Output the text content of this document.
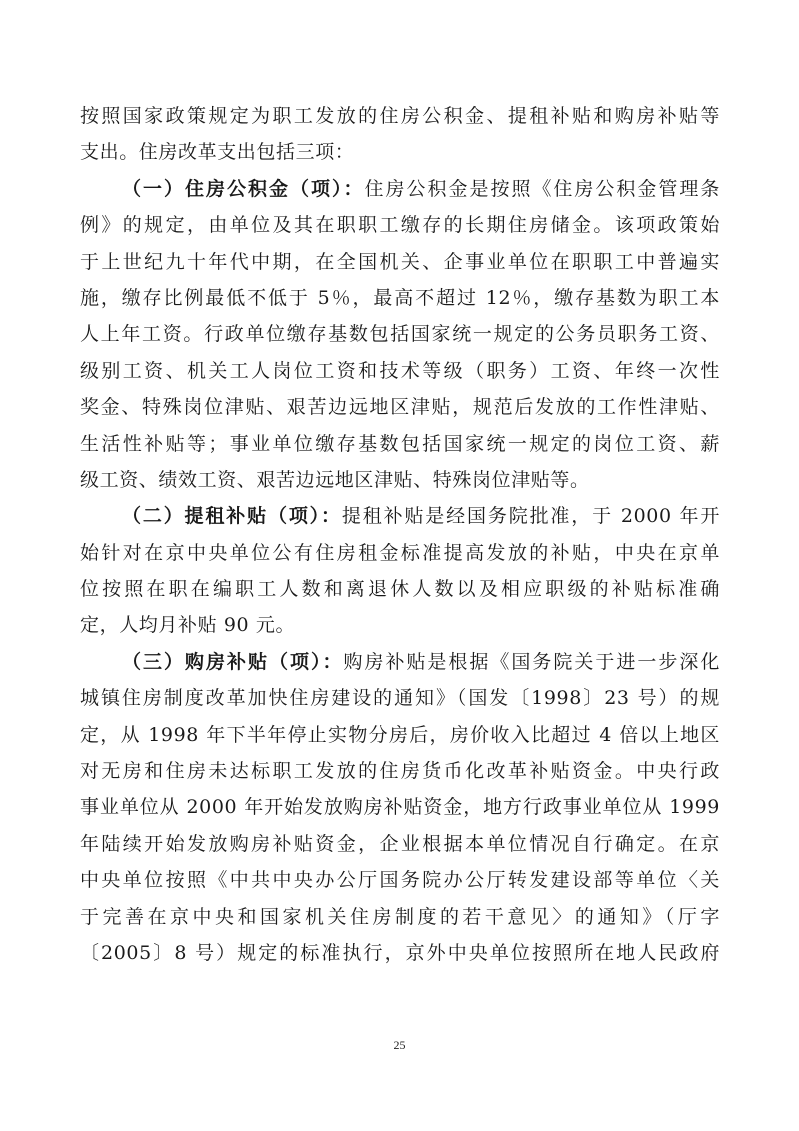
按照国家政策规定为职工发放的住房公积金、提租补贴和购房补贴等
支出。住房改革支出包括三项：
（一）住房公积金（项）：住房公积金是按照《住房公积金管理条
例》的规定，由单位及其在职职工缴存的长期住房储金。该项政策始
于上世纪九十年代中期，在全国机关、企事业单位在职职工中普遍实
施，缴存比例最低不低于 5％，最高不超过 12％，缴存基数为职工本
人上年工资。行政单位缴存基数包括国家统一规定的公务员职务工资、
级别工资、机关工人岗位工资和技术等级（职务）工资、年终一次性
奖金、特殊岗位津贴、艰苦边远地区津贴，规范后发放的工作性津贴、
生活性补贴等；事业单位缴存基数包括国家统一规定的岗位工资、薪
级工资、绩效工资、艰苦边远地区津贴、特殊岗位津贴等。
（二）提租补贴（项）：提租补贴是经国务院批准，于 2000 年开
始针对在京中央单位公有住房租金标准提高发放的补贴，中央在京单
位按照在职在编职工人数和离退休人数以及相应职级的补贴标准确
定，人均月补贴 90 元。
（三）购房补贴（项）：购房补贴是根据《国务院关于进一步深化
城镇住房制度改革加快住房建设的通知》（国发〔1998〕23 号）的规
定，从 1998 年下半年停止实物分房后，房价收入比超过 4 倍以上地区
对无房和住房未达标职工发放的住房货币化改革补贴资金。中央行政
事业单位从 2000 年开始发放购房补贴资金，地方行政事业单位从 1999
年陆续开始发放购房补贴资金，企业根据本单位情况自行确定。在京
中央单位按照《中共中央办公厅国务院办公厅转发建设部等单位〈关
于完善在京中央和国家机关住房制度的若干意见〉的通知》（厅字
〔2005〕8 号）规定的标准执行，京外中央单位按照所在地人民政府
25
